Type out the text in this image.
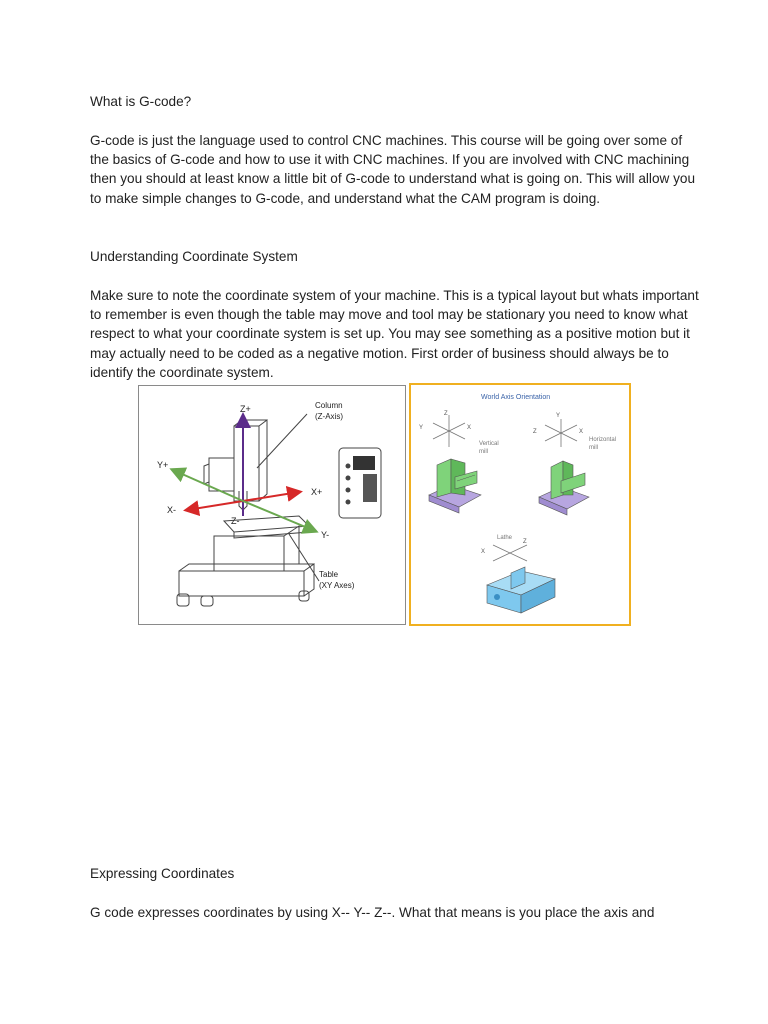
What is G-code?

G-code is just the language used to control CNC machines. This course will be going over some of the basics of G-code and how to use it with CNC machines. If you are involved with CNC machining then you should at least know a little bit of G-code to understand what is going on. This will allow you to make simple changes to G-code, and understand what the CAM program is doing.

Understanding Coordinate System

Make sure to note the coordinate system of your machine. This is a typical layout but whats important to remember is even though the table may move and tool may be stationary you need to know what respect to what your coordinate system is set up. You may see something as a positive motion but it may actually need to be coded as a negative motion. First order of business should always be to identify the coordinate system.

Z+
Z-
X+
X-
Y+
Y-
Column
(Z-Axis)
Table
(XY Axes)
World Axis Orientation
Z
Y	X
Vertical
mill
Y
Z	X
Horizontal
mill
Lathe
X
Z

Expressing Coordinates

G code expresses coordinates by using X-- Y-- Z--. What that means is you place the axis and
